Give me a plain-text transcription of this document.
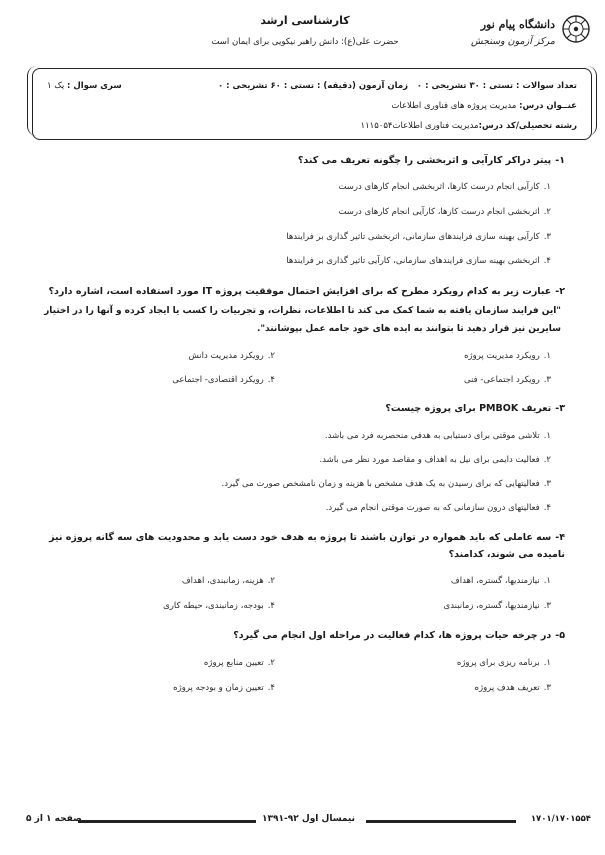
دانشگاه پیام نور
مرکز آزمون وسنجش
کارشناسی ارشد
حضرت علی(ع): دانش راهبر نیکویی برای ایمان است
تعداد سوالات : تستی : ۳۰ تشریحی : ۰
زمان آزمون (دقیقه) : تستی : ۶۰ تشریحی : ۰
سری سوال : یک ۱
عنــوان درس: مدیریت پروژه های فناوری اطلاعات
رشته تحصیلی/کد درس:مدیریت فناوری اطلاعات۱۱۱۵۰۵۴
۱-پیتر دراکر کارآیی و اثربخشی را چگونه تعریف می کند؟
۱.کارآیی انجام درست کارها، اثربخشی انجام کارهای درست
۲.اثربخشی انجام درست کارها، کارآیی انجام کارهای درست
۳.کارآیی بهینه سازی فرایندهای سازمانی، اثربخشی تاثیر گذاری بر فرایندها
۴.اثربخشی بهینه سازی فرایندهای سازمانی، کارآیی تاثیر گذاری بر فرایندها
۲-عبارت زیر به کدام رویکرد مطرح که برای افزایش احتمال موفقیت پروژه IT مورد استفاده است، اشاره دارد؟
"این فرایند سازمان یافته به شما کمک می کند تا اطلاعات، نظرات، و تجربیات را کسب یا ایجاد کرده و آنها را در اختیار سایرین نیز قرار دهید تا بتوانند به ایده های خود جامه عمل بپوشانند".
۱.رویکرد مدیریت پروژه
۲.رویکرد مدیریت دانش
۳.رویکرد اجتماعی- فنی
۴.رویکرد اقتصادی- اجتماعی
۳-تعریف PMBOK برای پروژه چیست؟
۱.تلاشی موقتی برای دستیابی به هدفی منحصربه فرد می باشد.
۲.فعالیت دایمی برای نیل به اهداف و مقاصد مورد نظر می باشد.
۳.فعالیتهایی که برای رسیدن به یک هدف مشخص با هزینه و زمان نامشخص صورت می گیرد.
۴.فعالیتهای درون سازمانی که به صورت موقتی انجام می گیرد.
۴-سه عاملی که باید همواره در توازن باشند تا پروژه به هدف خود دست یابد و محدودیت های سه گانه پروژه نیز نامیده می شوند، کدامند؟
۱.نیازمندیها، گستره، اهداف
۲.هزینه، زمانبندی، اهداف
۳.نیازمندیها، گستره، زمانبندی
۴.بودجه، زمانبندی، حیطه کاری
۵-در چرخه حیات پروژه ها، کدام فعالیت در مراحله اول انجام می گیرد؟
۱.برنامه ریزی برای پروژه
۲.تعیین منابع پروژه
۳.تعریف هدف پروژه
۴.تعیین زمان و بودجه پروژه
۱۷۰۱/۱۷۰۱۵۵۴
نیمسال اول ۹۲-۱۳۹۱
صفحه ۱ از ۵
